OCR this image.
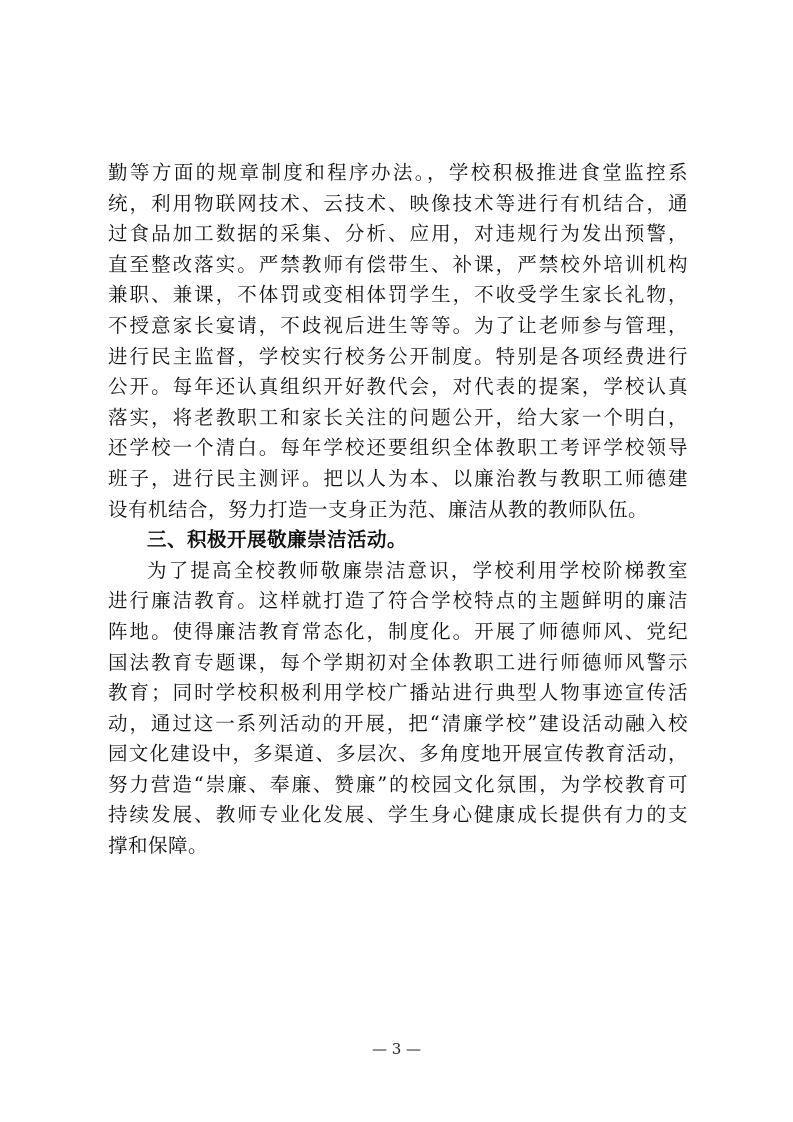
勤等方面的规章制度和程序办法。，学校积极推进食堂监控系
统，利用物联网技术、云技术、映像技术等进行有机结合，通
过食品加工数据的采集、分析、应用，对违规行为发出预警，
直至整改落实。严禁教师有偿带生、补课，严禁校外培训机构
兼职、兼课，不体罚或变相体罚学生，不收受学生家长礼物，
不授意家长宴请，不歧视后进生等等。为了让老师参与管理，
进行民主监督，学校实行校务公开制度。特别是各项经费进行
公开。每年还认真组织开好教代会，对代表的提案，学校认真
落实，将老教职工和家长关注的问题公开，给大家一个明白，
还学校一个清白。每年学校还要组织全体教职工考评学校领导
班子，进行民主测评。把以人为本、以廉治教与教职工师德建
设有机结合，努力打造一支身正为范、廉洁从教的教师队伍。
三、积极开展敬廉崇洁活动。
为了提高全校教师敬廉崇洁意识，学校利用学校阶梯教室
进行廉洁教育。这样就打造了符合学校特点的主题鲜明的廉洁
阵地。使得廉洁教育常态化，制度化。开展了师德师风、党纪
国法教育专题课，每个学期初对全体教职工进行师德师风警示
教育；同时学校积极利用学校广播站进行典型人物事迹宣传活
动，通过这一系列活动的开展，把“清廉学校”建设活动融入校
园文化建设中，多渠道、多层次、多角度地开展宣传教育活动，
努力营造“崇廉、奉廉、赞廉”的校园文化氛围，为学校教育可
持续发展、教师专业化发展、学生身心健康成长提供有力的支
撑和保障。
— 3 —
